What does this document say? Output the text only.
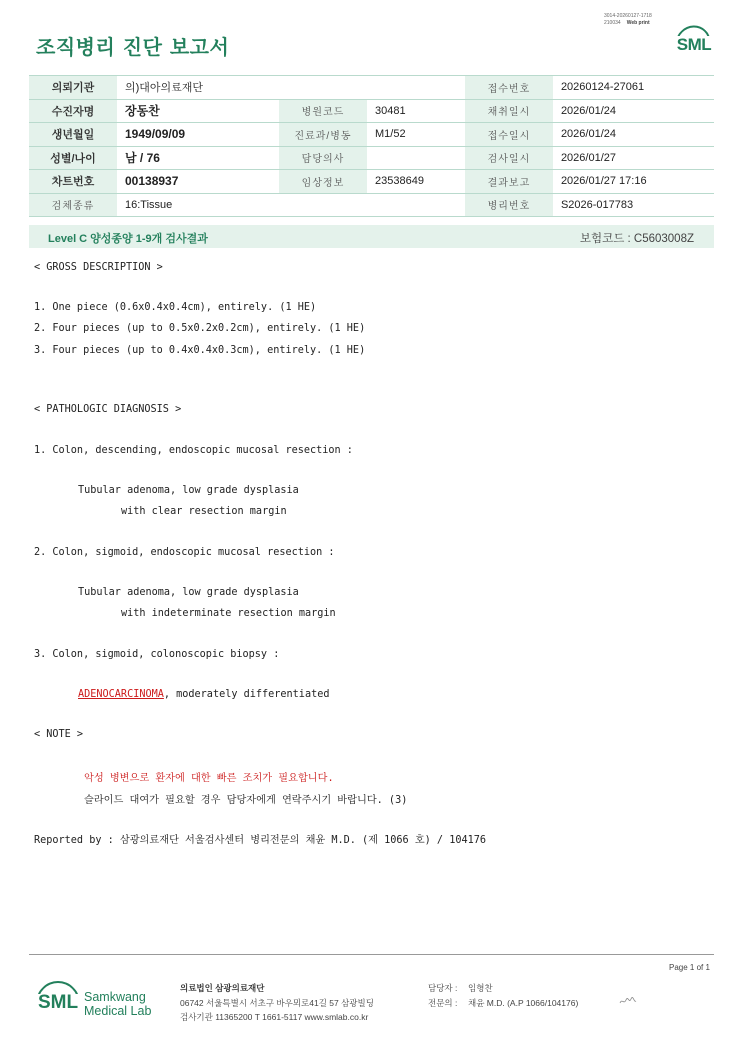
3014-20260127-1718
210034 Web print
조직병리 진단 보고서	SML
의뢰기관	의)대아의료재단			접수번호	20260124-27061
수진자명	장동찬	병원코드	30481	채취일시	2026/01/24
생년월일	1949/09/09	진료과/병동	M1/52	접수일시	2026/01/24
성별/나이	남 / 76	담당의사		검사일시	2026/01/27
차트번호	00138937	임상정보	23538649	결과보고	2026/01/27 17:16
검체종류	16:Tissue			병리번호	S2026-017783
Level C 양성종양 1-9개 검사결과	보험코드 : C5603008Z

< GROSS DESCRIPTION >

1. One piece (0.6x0.4x0.4cm), entirely. (1 HE)

2. Four pieces (up to 0.5x0.2x0.2cm), entirely. (1 HE)

3. Four pieces (up to 0.4x0.4x0.3cm), entirely. (1 HE)

< PATHOLOGIC DIAGNOSIS >

1. Colon, descending, endoscopic mucosal resection :

Tubular adenoma, low grade dysplasia

with clear resection margin

2. Colon, sigmoid, endoscopic mucosal resection :

Tubular adenoma, low grade dysplasia

with indeterminate resection margin

3. Colon, sigmoid, colonoscopic biopsy :

ADENOCARCINOMA, moderately differentiated

< NOTE >

악성 병변으로 환자에 대한 빠른 조치가 필요합니다.

슬라이드 대여가 필요할 경우 담당자에게 연락주시기 바랍니다. (3)

Reported by : 삼광의료재단 서울검사센터 병리전문의 채윤 M.D. (제 1066 호) / 104176

Page 1 of 1
SML Samkwang
Medical Lab
의료법인 삼광의료재단
06742 서울특별시 서초구 바우뫼로41길 57 삼광빌딩
검사기관 11365200 T 1661-5117 www.smlab.co.kr
담당자 : 임형찬
전문의 : 채윤 M.D. (A.P 1066/104176)
